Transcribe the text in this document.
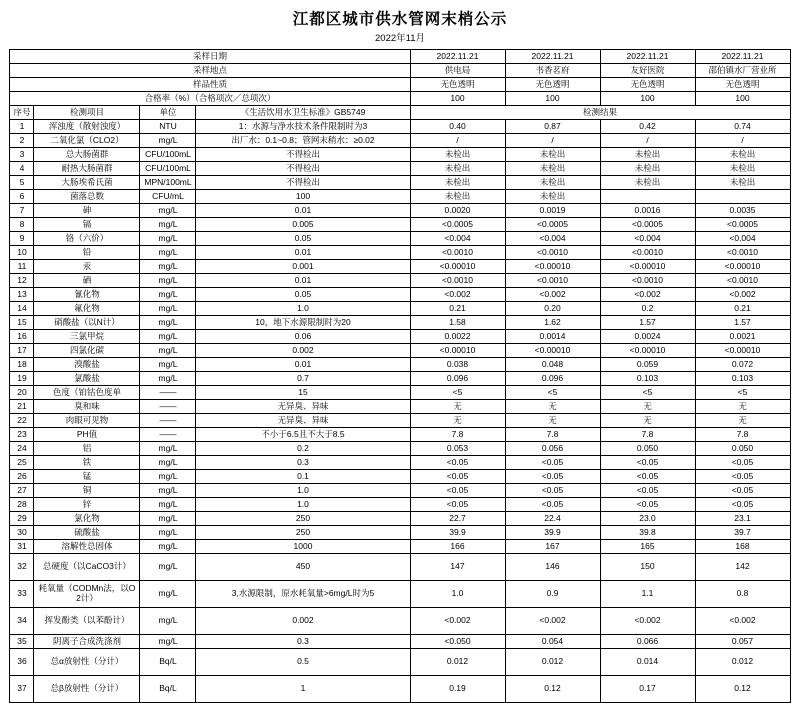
江都区城市供水管网末梢公示
2022年11月
采样日期				2022.11.21	2022.11.21	2022.11.21	2022.11.21
采样地点				供电局	书香茗府	友好医院	邵伯镇水厂营业所
样品性质				无色透明	无色透明	无色透明	无色透明
合格率（%）（合格项次／总项次）				100	100	100	100
序号	检测项目	单位	《生活饮用水卫生标准》GB5749	检测结果			
1	浑浊度（散射浊度）	NTU	1：水源与净水技术条件限制时为3	0.40	0.87	0.42	0.74
2	二氧化氯（CLO2）	mg/L	出厂水：0.1~0.8；管网末稍水：≥0.02	/	/	/	/
3	总大肠菌群	CFU/100mL	不得检出	未检出	未检出	未检出	未检出
4	耐热大肠菌群	CFU/100mL	不得检出	未检出	未检出	未检出	未检出
5	大肠埃希氏菌	MPN/100mL	不得检出	未检出	未检出	未检出	未检出
6	菌落总数	CFU/mL	100	未检出	未检出		
7	砷	mg/L	0.01	0.0020	0.0019	0.0016	0.0035
8	镉	mg/L	0.005	<0.0005	<0.0005	<0.0005	<0.0005
9	铬（六价）	mg/L	0.05	<0.004	<0.004	<0.004	<0.004
10	铅	mg/L	0.01	<0.0010	<0.0010	<0.0010	<0.0010
11	汞	mg/L	0.001	<0.00010	<0.00010	<0.00010	<0.00010
12	硒	mg/L	0.01	<0.0010	<0.0010	<0.0010	<0.0010
13	氰化物	mg/L	0.05	<0.002	<0.002	<0.002	<0.002
14	氟化物	mg/L	1.0	0.21	0.20	0.2	0.21
15	硝酸盐（以N计）	mg/L	10，地下水源限制时为20	1.58	1.62	1.57	1.57
16	三氯甲烷	mg/L	0.06	0.0022	0.0014	0.0024	0.0021
17	四氯化碳	mg/L	0.002	<0.00010	<0.00010	<0.00010	<0.00010
18	溴酸盐	mg/L	0.01	0.038	0.048	0.059	0.072
19	氯酸盐	mg/L	0.7	0.096	0.096	0.103	0.103
20	色度（铂钴色度单	——	15	<5	<5	<5	<5
21	臭和味	——	无异臭、异味	无	无	无	无
22	肉眼可见物	——	无异臭、异味	无	无	无	无
23	PH值	——	不小于6.5且不大于8.5	7.8	7.8	7.8	7.8
24	铝	mg/L	0.2	0.053	0.056	0.050	0.050
25	铁	mg/L	0.3	<0.05	<0.05	<0.05	<0.05
26	锰	mg/L	0.1	<0.05	<0.05	<0.05	<0.05
27	铜	mg/L	1.0	<0.05	<0.05	<0.05	<0.05
28	锌	mg/L	1.0	<0.05	<0.05	<0.05	<0.05
29	氯化物	mg/L	250	22.7	22.4	23.0	23.1
30	硫酸盐	mg/L	250	39.9	39.9	39.8	39.7
31	溶解性总固体	mg/L	1000	166	167	165	168
32	总硬度（以CaCO3计）	mg/L	450	147	146	150	142
33	耗氧量（CODMn法，以O2计）	mg/L	3,水源限制，原水耗氧量>6mg/L时为5	1.0	0.9	1.1	0.8
34	挥发酚类（以苯酚计）	mg/L	0.002	<0.002	<0.002	<0.002	<0.002
35	阴离子合成洗涤剂	mg/L	0.3	<0.050	0.054	0.066	0.057
36	总α放射性（分计）	Bq/L	0.5	0.012	0.012	0.014	0.012
37	总β放射性（分计）	Bq/L	1	0.19	0.12	0.17	0.12
